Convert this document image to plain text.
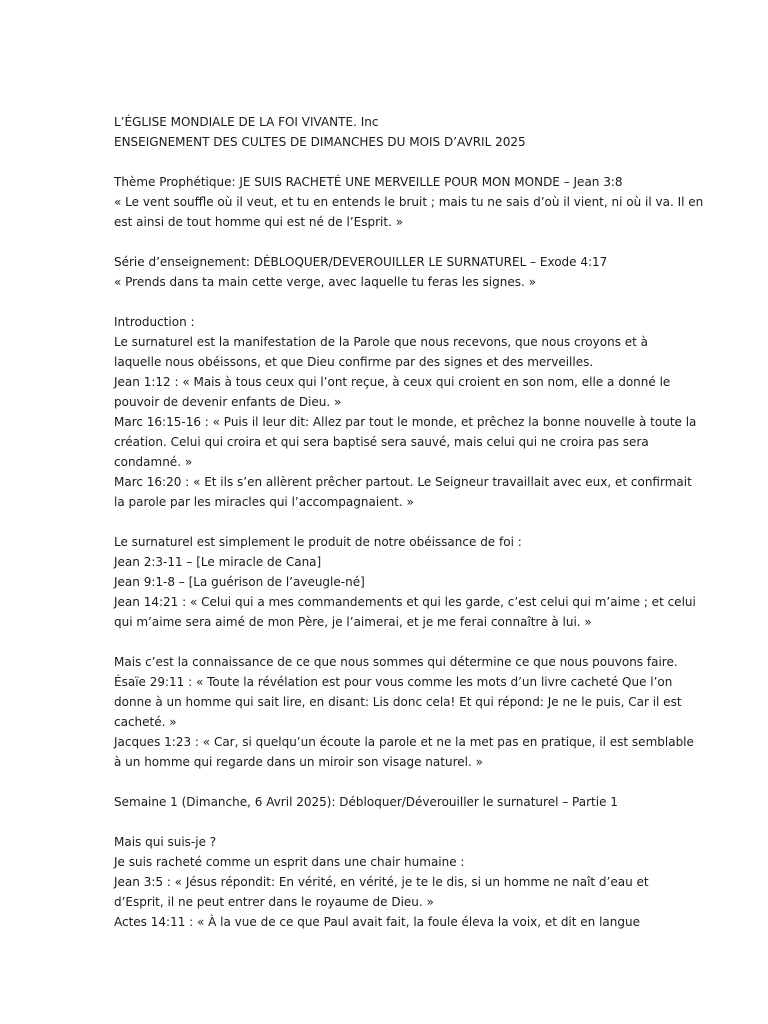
L’ÉGLISE MONDIALE DE LA FOI VIVANTE. Inc
ENSEIGNEMENT DES CULTES DE DIMANCHES DU MOIS D’AVRIL 2025
Thème Prophétique: JE SUIS RACHETÉ UNE MERVEILLE POUR MON MONDE – Jean 3:8
« Le vent souffle où il veut, et tu en entends le bruit ; mais tu ne sais d’où il vient, ni où il va. Il en
est ainsi de tout homme qui est né de l’Esprit. »
Série d’enseignement: DÉBLOQUER/DEVEROUILLER LE SURNATUREL – Exode 4:17
« Prends dans ta main cette verge, avec laquelle tu feras les signes. »
Introduction :
Le surnaturel est la manifestation de la Parole que nous recevons, que nous croyons et à
laquelle nous obéissons, et que Dieu confirme par des signes et des merveilles.
Jean 1:12 : « Mais à tous ceux qui l’ont reçue, à ceux qui croient en son nom, elle a donné le
pouvoir de devenir enfants de Dieu. »
Marc 16:15-16 : « Puis il leur dit: Allez par tout le monde, et prêchez la bonne nouvelle à toute la
création. Celui qui croira et qui sera baptisé sera sauvé, mais celui qui ne croira pas sera
condamné. »
Marc 16:20 : « Et ils s’en allèrent prêcher partout. Le Seigneur travaillait avec eux, et confirmait
la parole par les miracles qui l’accompagnaient. »
Le surnaturel est simplement le produit de notre obéissance de foi :
Jean 2:3-11 – [Le miracle de Cana]
Jean 9:1-8 – [La guérison de l’aveugle-né]
Jean 14:21 : « Celui qui a mes commandements et qui les garde, c’est celui qui m’aime ; et celui
qui m’aime sera aimé de mon Père, je l’aimerai, et je me ferai connaître à lui. »
Mais c’est la connaissance de ce que nous sommes qui détermine ce que nous pouvons faire.
Ésaïe 29:11 : « Toute la révélation est pour vous comme les mots d’un livre cacheté Que l’on
donne à un homme qui sait lire, en disant: Lis donc cela! Et qui répond: Je ne le puis, Car il est
cacheté. »
Jacques 1:23 : « Car, si quelqu’un écoute la parole et ne la met pas en pratique, il est semblable
à un homme qui regarde dans un miroir son visage naturel. »
Semaine 1 (Dimanche, 6 Avril 2025): Débloquer/Déverouiller le surnaturel – Partie 1
Mais qui suis-je ?
Je suis racheté comme un esprit dans une chair humaine :
Jean 3:5 : « Jésus répondit: En vérité, en vérité, je te le dis, si un homme ne naît d’eau et
d’Esprit, il ne peut entrer dans le royaume de Dieu. »
Actes 14:11 : « À la vue de ce que Paul avait fait, la foule éleva la voix, et dit en langue
